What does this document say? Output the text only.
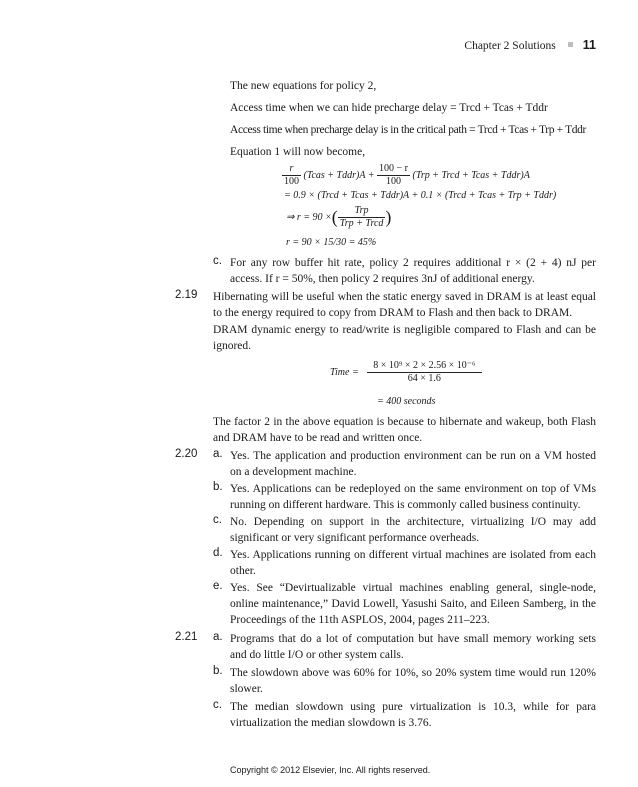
Chapter 2 Solutions 11
The new equations for policy 2,
Access time when we can hide precharge delay = Trcd + Tcas + Tddr
Access time when precharge delay is in the critical path = Trcd + Tcas + Trp + Tddr
Equation 1 will now become,
$\frac{r}{100}$ (Tcas + Tddr)A + $\frac{100 - r}{100} (Trp$ + Trcd + Tcas + Tddr)A
= 0.9 × (Trcd + Tcas + Tddr)A + 0.1 × (Trcd + Tcas + Trp + Tddr)
⇒ r = 90 ×( $\frac{\text{Trp}}{\text{Trp + Trcd}}$ )
r = 90 × 15/30 = 45%
c. For any row buffer hit rate, policy 2 requires additional r × (2 + 4) nJ per access. If r = 50%, then policy 2 requires 3nJ of additional energy.
2.19 Hibernating will be useful when the static energy saved in DRAM is at least equal to the energy required to copy from DRAM to Flash and then back to DRAM.
DRAM dynamic energy to read/write is negligible compared to Flash and can be ignored.
Time = $\frac{\text{8 × 10⁹ × 2 × 2.56 × 10⁻⁶}}{64 \times 1.6}$
= 400 seconds
The factor 2 in the above equation is because to hibernate and wakeup, both Flash and DRAM have to be read and written once.
2.20 a. Yes. The application and production environment can be run on a VM hosted on a development machine.
b. Yes. Applications can be redeployed on the same environment on top of VMs running on different hardware. This is commonly called business continuity.
c. No. Depending on support in the architecture, virtualizing I/O may add significant or very significant performance overheads.
d. Yes. Applications running on different virtual machines are isolated from each other.
e. Yes. See “Devirtualizable virtual machines enabling general, single-node, online maintenance,” David Lowell, Yasushi Saito, and Eileen Samberg, in the Proceedings of the 11th ASPLOS, 2004, pages 211–223.
2.21 a. Programs that do a lot of computation but have small memory working sets and do little I/O or other system calls.
b. The slowdown above was 60% for 10%, so 20% system time would run 120% slower.
c. The median slowdown using pure virtualization is 10.3, while for para virtualization the median slowdown is 3.76.
Copyright © 2012 Elsevier, Inc. All rights reserved.
